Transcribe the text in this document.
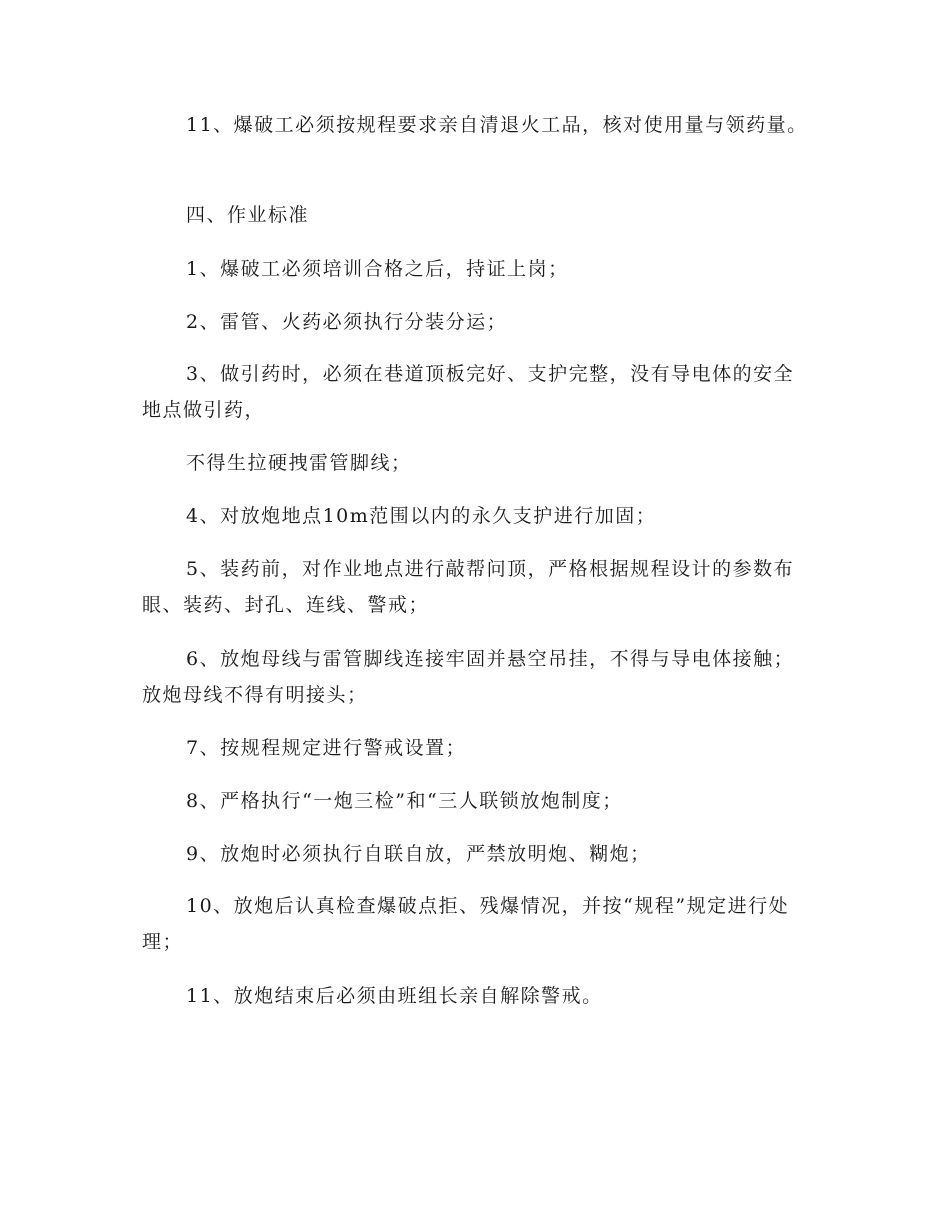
11、爆破工必须按规程要求亲自清退火工品，核对使用量与领药量。

四、作业标准

1、爆破工必须培训合格之后，持证上岗；

2、雷管、火药必须执行分装分运；

3、做引药时，必须在巷道顶板完好、支护完整，没有导电体的安全地点做引药，

不得生拉硬拽雷管脚线；

4、对放炮地点10m范围以内的永久支护进行加固；

5、装药前，对作业地点进行敲帮问顶，严格根据规程设计的参数布眼、装药、封孔、连线、警戒；

6、放炮母线与雷管脚线连接牢固并悬空吊挂，不得与导电体接触；放炮母线不得有明接头；

7、按规程规定进行警戒设置；

8、严格执行“一炮三检”和“三人联锁放炮制度；

9、放炮时必须执行自联自放，严禁放明炮、糊炮；

10、放炮后认真检查爆破点拒、残爆情况，并按“规程”规定进行处理；

11、放炮结束后必须由班组长亲自解除警戒。
